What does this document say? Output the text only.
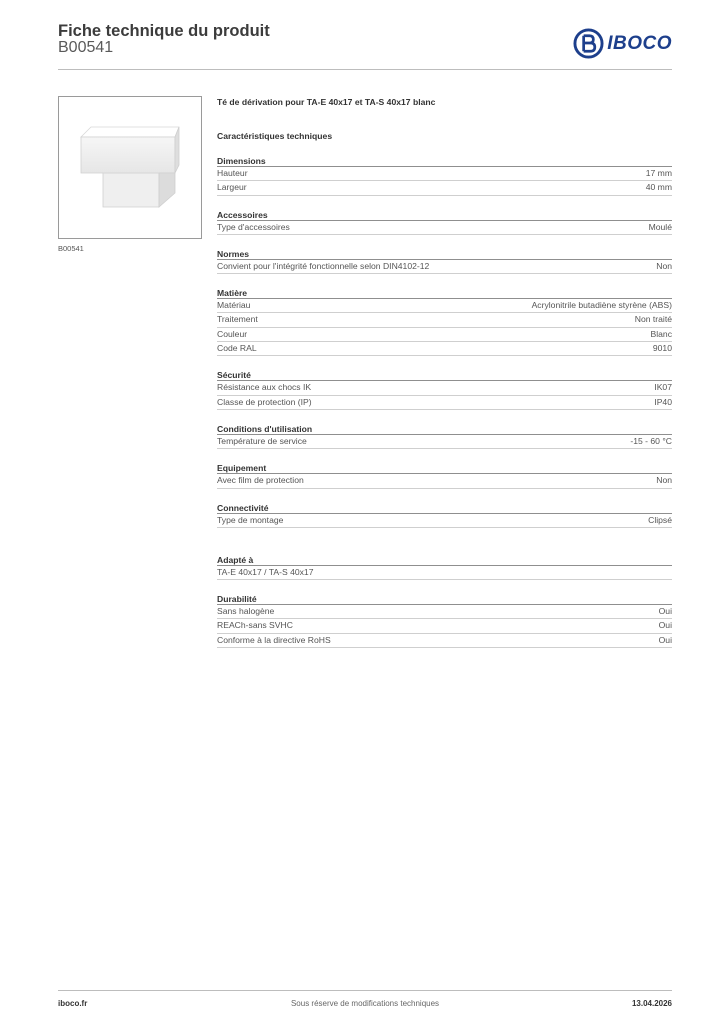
Fiche technique du produit
B00541	IBOCO
B00541
Té de dérivation pour TA-E 40x17 et TA-S 40x17 blanc
Caractéristiques techniques
Dimensions
Hauteur	17 mm
Largeur	40 mm
Accessoires
Type d'accessoires	Moulé
Normes
Convient pour l'intégrité fonctionnelle selon DIN4102-12	Non
Matière
Matériau	Acrylonitrile butadiène styrène (ABS)
Traitement	Non traité
Couleur	Blanc
Code RAL	9010
Sécurité
Résistance aux chocs IK	IK07
Classe de protection (IP)	IP40
Conditions d'utilisation
Température de service	-15 - 60 °C
Equipement
Avec film de protection	Non
Connectivité
Type de montage	Clipsé
Adapté à
TA-E 40x17 / TA-S 40x17
Durabilité
Sans halogène	Oui
REACh-sans SVHC	Oui
Conforme à la directive RoHS	Oui
iboco.fr	Sous réserve de modifications techniques	13.04.2026
